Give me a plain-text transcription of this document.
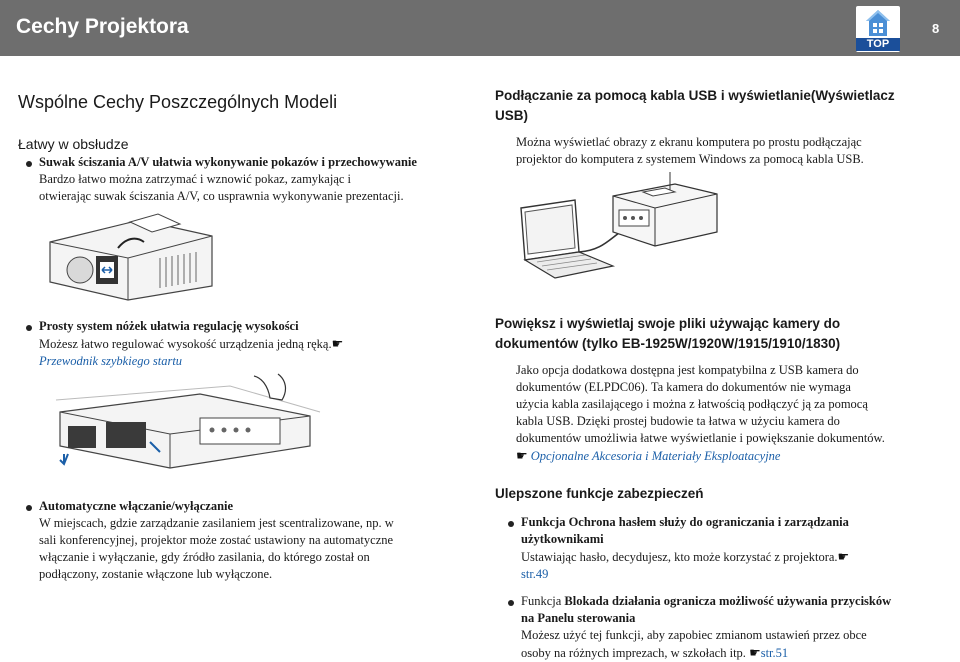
Cechy Projektora
TOP
8
Wspólne Cechy Poszczególnych Modeli
Łatwy w obsłudze
Suwak ściszania A/V ułatwia wykonywanie pokazów i przechowywanie
Bardzo łatwo można zatrzymać i wznowić pokaz, zamykając i
otwierając suwak ściszania A/V, co usprawnia wykonywanie prezentacji.
Podłączanie za pomocą kabla USB i wyświetlanie(Wyświetlacz
USB)
Można wyświetlać obrazy z ekranu komputera po prostu podłączając
projektor do komputera z systemem Windows za pomocą kabla USB.
Prosty system nóżek ułatwia regulację wysokości
Możesz łatwo regulować wysokość urządzenia jedną ręką.☛
Przewodnik szybkiego startu
Powiększ i wyświetlaj swoje pliki używając kamery do
dokumentów (tylko EB-1925W/1920W/1915/1910/1830)
Jako opcja dodatkowa dostępna jest kompatybilna z USB kamera do
dokumentów (ELPDC06). Ta kamera do dokumentów nie wymaga
użycia kabla zasilającego i można z łatwością podłączyć ją za pomocą
kabla USB. Dzięki prostej budowie ta łatwa w użyciu kamera do
dokumentów umożliwia łatwe wyświetlanie i powiększanie dokumentów.
☛ Opcjonalne Akcesoria i Materiały Eksploatacyjne
Automatyczne włączanie/wyłączanie
W miejscach, gdzie zarządzanie zasilaniem jest scentralizowane, np. w
sali konferencyjnej, projektor może zostać ustawiony na automatyczne
włączanie i wyłączanie, gdy źródło zasilania, do którego został on
podłączony, zostanie włączone lub wyłączone.
Ulepszone funkcje zabezpieczeń
Funkcja Ochrona hasłem służy do ograniczania i zarządzania
użytkownikami
Ustawiając hasło, decydujesz, kto może korzystać z projektora.☛
str.49
Funkcja Blokada działania ogranicza możliwość używania przycisków
na Panelu sterowania
Możesz użyć tej funkcji, aby zapobiec zmianom ustawień przez obce
osoby na różnych imprezach, w szkołach itp. ☛str.51
